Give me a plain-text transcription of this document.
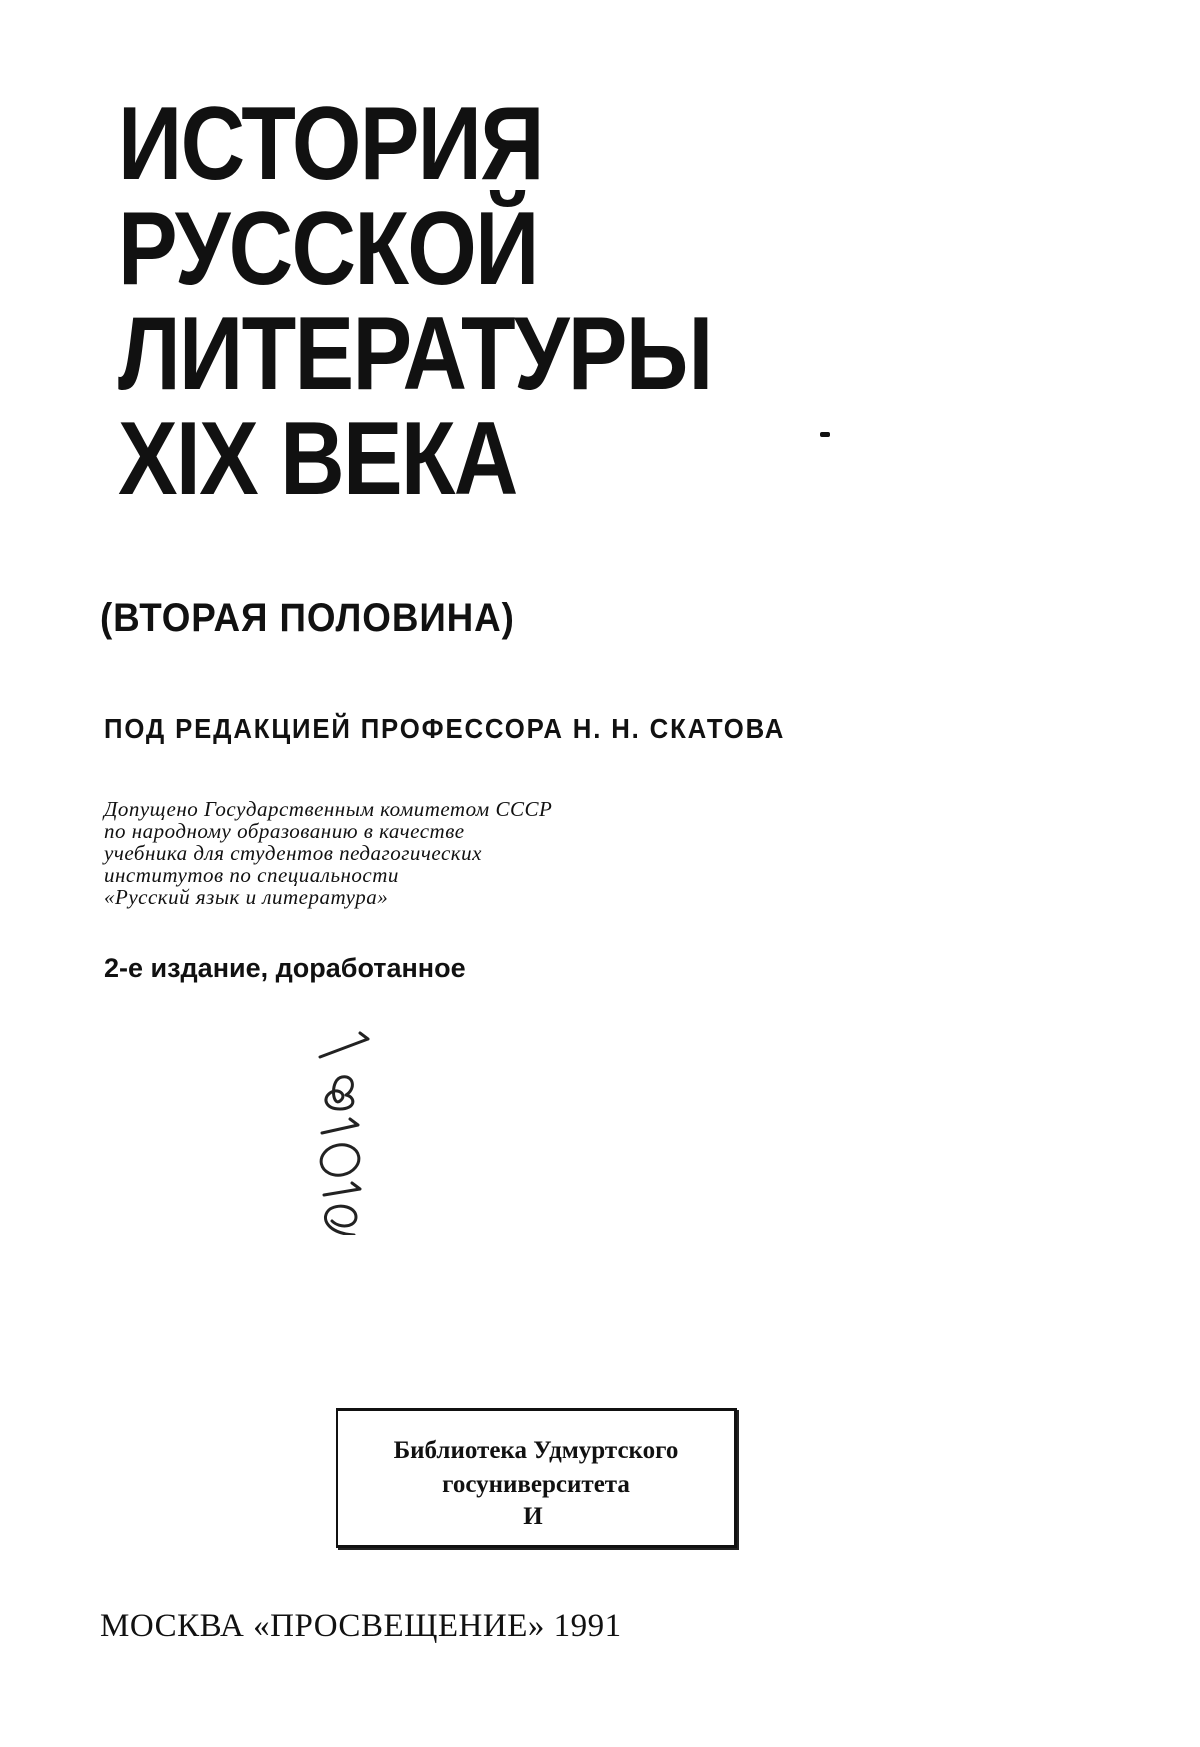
ИСТОРИЯ
РУССКОЙ
ЛИТЕРАТУРЫ
XIX ВЕКА
(ВТОРАЯ ПОЛОВИНА)
ПОД РЕДАКЦИЕЙ ПРОФЕССОРА Н. Н. СКАТОВА
Допущено Государственным комитетом СССР
по народному образованию в качестве
учебника для студентов педагогических
институтов по специальности
«Русский язык и литература»
2-е издание, доработанное
Библиотека Удмуртского
госуниверситета
И
МОСКВА «ПРОСВЕЩЕНИЕ» 1991
